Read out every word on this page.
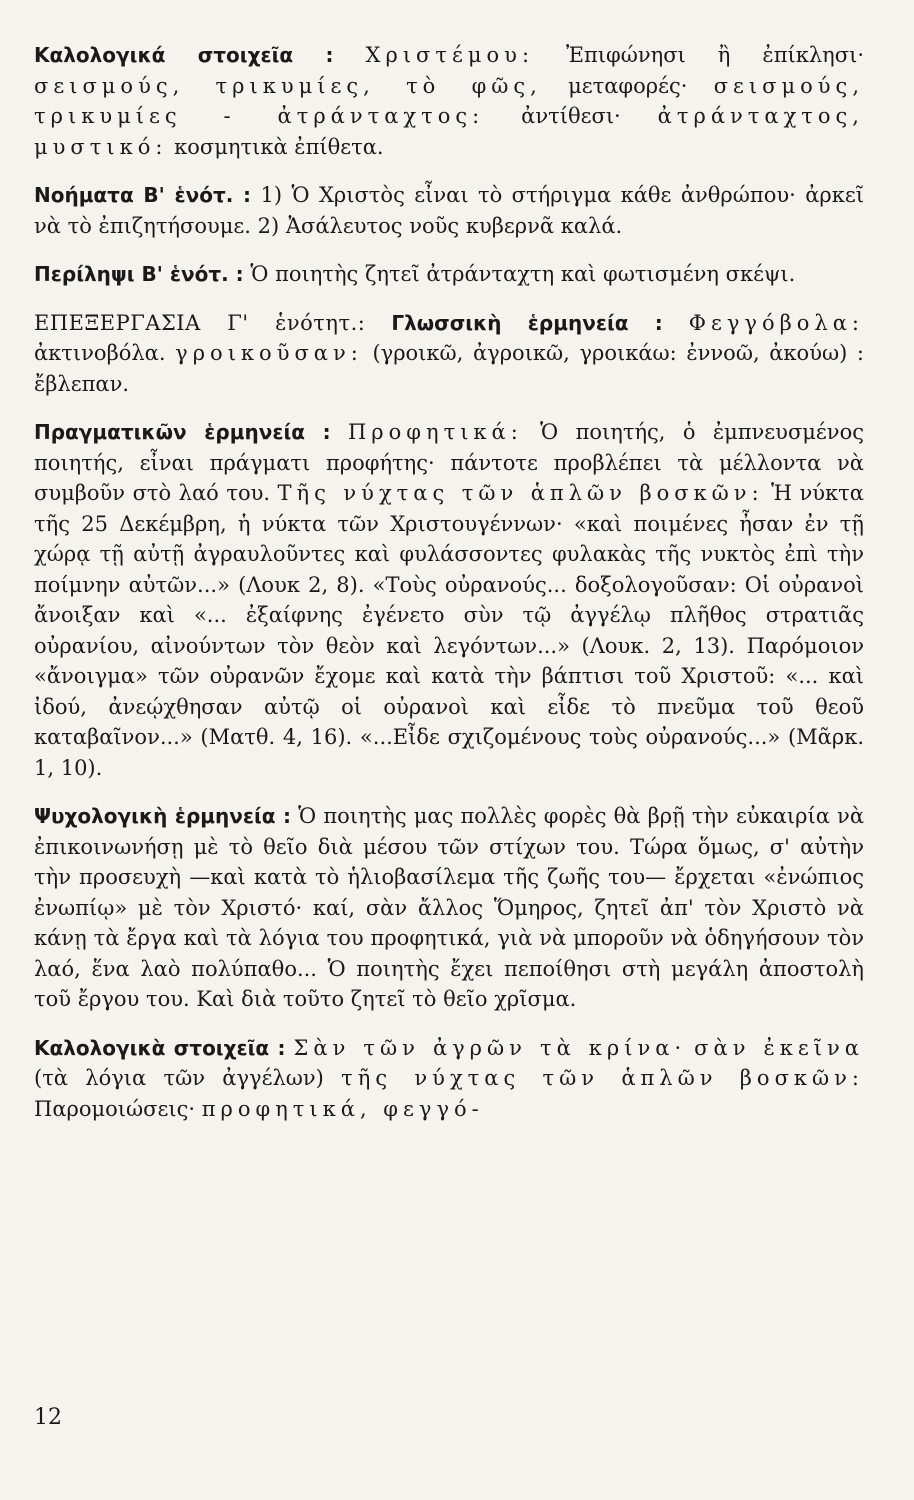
Καλολογικά στοιχεῖα : Χριστέμου: Ἐπιφώνησι ἢ ἐπίκλησι· σεισμούς, τρικυμίες, τὸ φῶς, μεταφορές· σεισμούς, τρικυμίες - ἀτράνταχτος: ἀντίθεσι· ἀτράνταχτος, μυστικό: κοσμητικὰ ἐπίθετα.

Νοήματα Β' ἑνότ. : 1) Ὁ Χριστὸς εἶναι τὸ στήριγμα κάθε ἀνθρώπου· ἀρκεῖ νὰ τὸ ἐπιζητήσουμε. 2) Ἀσάλευτος νοῦς κυβερνᾶ καλά.

Περίληψι Β' ἑνότ. : Ὁ ποιητὴς ζητεῖ ἀτράνταχτη καὶ φωτισμένη σκέψι.

ΕΠΕΞΕΡΓΑΣΙΑ Γ' ἑνότητ.: Γλωσσικὴ ἑρμηνεία : Φεγγόβολα: ἀκτινοβόλα. γροικοῦσαν: (γροικῶ, ἀγροικῶ, γροικάω: ἐννοῶ, ἀκούω) : ἔβλεπαν.

Πραγματικῶν ἑρμηνεία : Προφητικά: Ὁ ποιητής, ὁ ἐμπνευσμένος ποιητής, εἶναι πράγματι προφήτης· πάντοτε προβλέπει τὰ μέλλοντα νὰ συμβοῦν στὸ λαό του. Τῆς νύχτας τῶν ἁπλῶν βοσκῶν: Ἡ νύκτα τῆς 25 Δεκέμβρη, ἡ νύκτα τῶν Χριστουγέννων· «καὶ ποιμένες ἦσαν ἐν τῇ χώρᾳ τῇ αὐτῇ ἀγραυλοῦντες καὶ φυλάσσοντες φυλακὰς τῆς νυκτὸς ἐπὶ τὴν ποίμνην αὐτῶν...» (Λουκ 2, 8). «Τοὺς οὐρανούς... δοξολογοῦσαν: Οἱ οὐρανοὶ ἄνοιξαν καὶ «... ἐξαίφνης ἐγένετο σὺν τῷ ἀγγέλῳ πλῆθος στρατιᾶς οὐρανίου, αἰνούντων τὸν θεὸν καὶ λεγόντων...» (Λουκ. 2, 13). Παρόμοιον «ἄνοιγμα» τῶν οὐρανῶν ἔχομε καὶ κατὰ τὴν βάπτισι τοῦ Χριστοῦ: «... καὶ ἰδού, ἀνεῴχθησαν αὐτῷ οἱ οὐρανοὶ καὶ εἶδε τὸ πνεῦμα τοῦ θεοῦ καταβαῖνον...» (Ματθ. 4, 16). «...Εἶδε σχιζομένους τοὺς οὐρανούς...» (Μᾶρκ. 1, 10).

Ψυχολογικὴ ἑρμηνεία : Ὁ ποιητὴς μας πολλὲς φορὲς θὰ βρῇ τὴν εὐκαιρία νὰ ἐπικοινωνήσῃ μὲ τὸ θεῖο διὰ μέσου τῶν στίχων του. Τώρα ὅμως, σ' αὐτὴν τὴν προσευχὴ —καὶ κατὰ τὸ ἡλιοβασίλεμα τῆς ζωῆς του— ἔρχεται «ἐνώπιος ἐνωπίῳ» μὲ τὸν Χριστό· καί, σὰν ἄλλος Ὅμηρος, ζητεῖ ἀπ' τὸν Χριστὸ νὰ κάνῃ τὰ ἔργα καὶ τὰ λόγια του προφητικά, γιὰ νὰ μποροῦν νὰ ὁδηγήσουν τὸν λαό, ἕνα λαὸ πολύπαθο... Ὁ ποιητὴς ἔχει πεποίθησι στὴ μεγάλη ἀποστολὴ τοῦ ἔργου του. Καὶ διὰ τοῦτο ζητεῖ τὸ θεῖο χρῖσμα.

Καλολογικὰ στοιχεῖα : Σὰν τῶν ἀγρῶν τὰ κρίνα· σὰν ἐκεῖνα (τὰ λόγια τῶν ἀγγέλων) τῆς νύχτας τῶν ἁπλῶν βοσκῶν: Παρομοιώσεις· προφητικά, φεγγό-

12
